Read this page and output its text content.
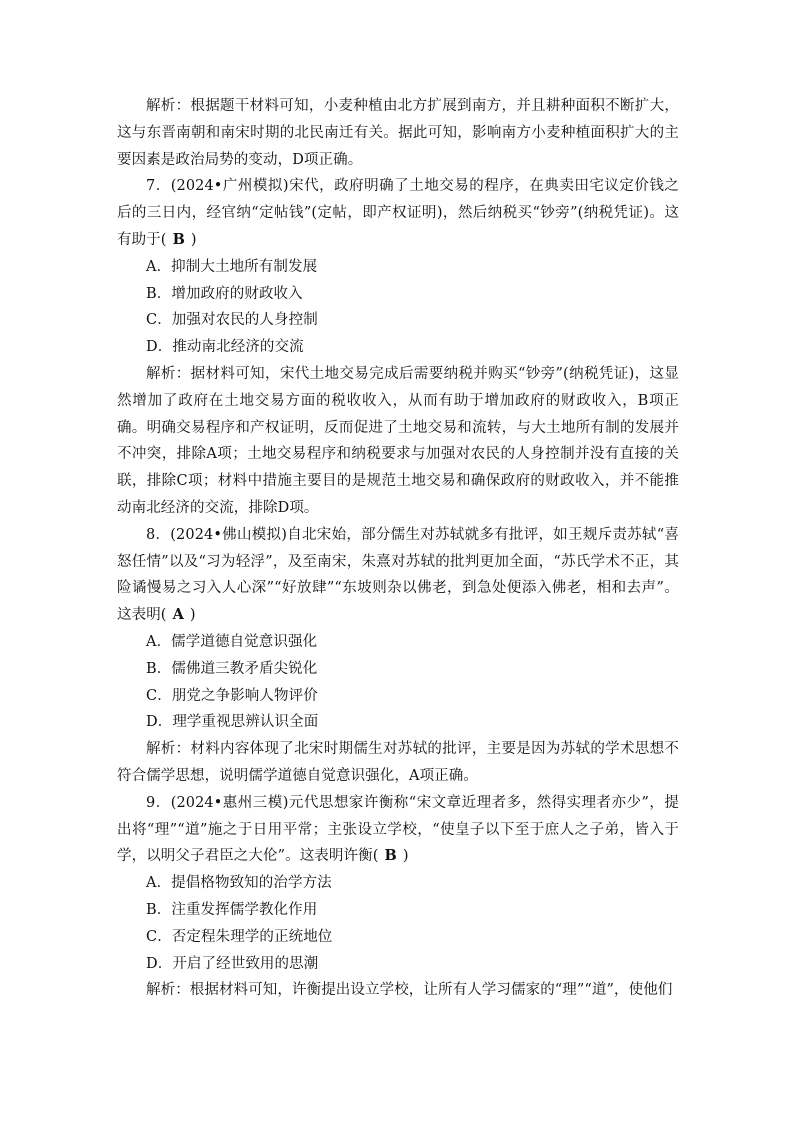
解析：根据题干材料可知，小麦种植由北方扩展到南方，并且耕种面积不断扩大，这与东晋南朝和南宋时期的北民南迁有关。据此可知，影响南方小麦种植面积扩大的主要因素是政治局势的变动，D项正确。

7．(2024•广州模拟)宋代，政府明确了土地交易的程序，在典卖田宅议定价钱之后的三日内，经官纳“定帖钱”(定帖，即产权证明)，然后纳税买“钞旁”(纳税凭证)。这有助于( B )

A．抑制大土地所有制发展

B．增加政府的财政收入

C．加强对农民的人身控制

D．推动南北经济的交流

解析：据材料可知，宋代土地交易完成后需要纳税并购买“钞旁”(纳税凭证)，这显然增加了政府在土地交易方面的税收收入，从而有助于增加政府的财政收入，B项正确。明确交易程序和产权证明，反而促进了土地交易和流转，与大土地所有制的发展并不冲突，排除A项；土地交易程序和纳税要求与加强对农民的人身控制并没有直接的关联，排除C项；材料中措施主要目的是规范土地交易和确保政府的财政收入，并不能推动南北经济的交流，排除D项。

8．(2024•佛山模拟)自北宋始，部分儒生对苏轼就多有批评，如王觌斥责苏轼“喜怒任情”以及“习为轻浮”，及至南宋，朱熹对苏轼的批判更加全面，“苏氏学术不正，其险谲慢易之习入人心深”“好放肆”“东坡则杂以佛老，到急处便添入佛老，相和去声”。这表明( A )

A．儒学道德自觉意识强化

B．儒佛道三教矛盾尖锐化

C．朋党之争影响人物评价

D．理学重视思辨认识全面

解析：材料内容体现了北宋时期儒生对苏轼的批评，主要是因为苏轼的学术思想不符合儒学思想，说明儒学道德自觉意识强化，A项正确。

9．(2024•惠州三模)元代思想家许衡称“宋文章近理者多，然得实理者亦少”，提出将“理”“道”施之于日用平常；主张设立学校，“使皇子以下至于庶人之子弟，皆入于学，以明父子君臣之大伦”。这表明许衡( B )

A．提倡格物致知的治学方法

B．注重发挥儒学教化作用

C．否定程朱理学的正统地位

D．开启了经世致用的思潮

解析：根据材料可知，许衡提出设立学校，让所有人学习儒家的“理”“道”，使他们
